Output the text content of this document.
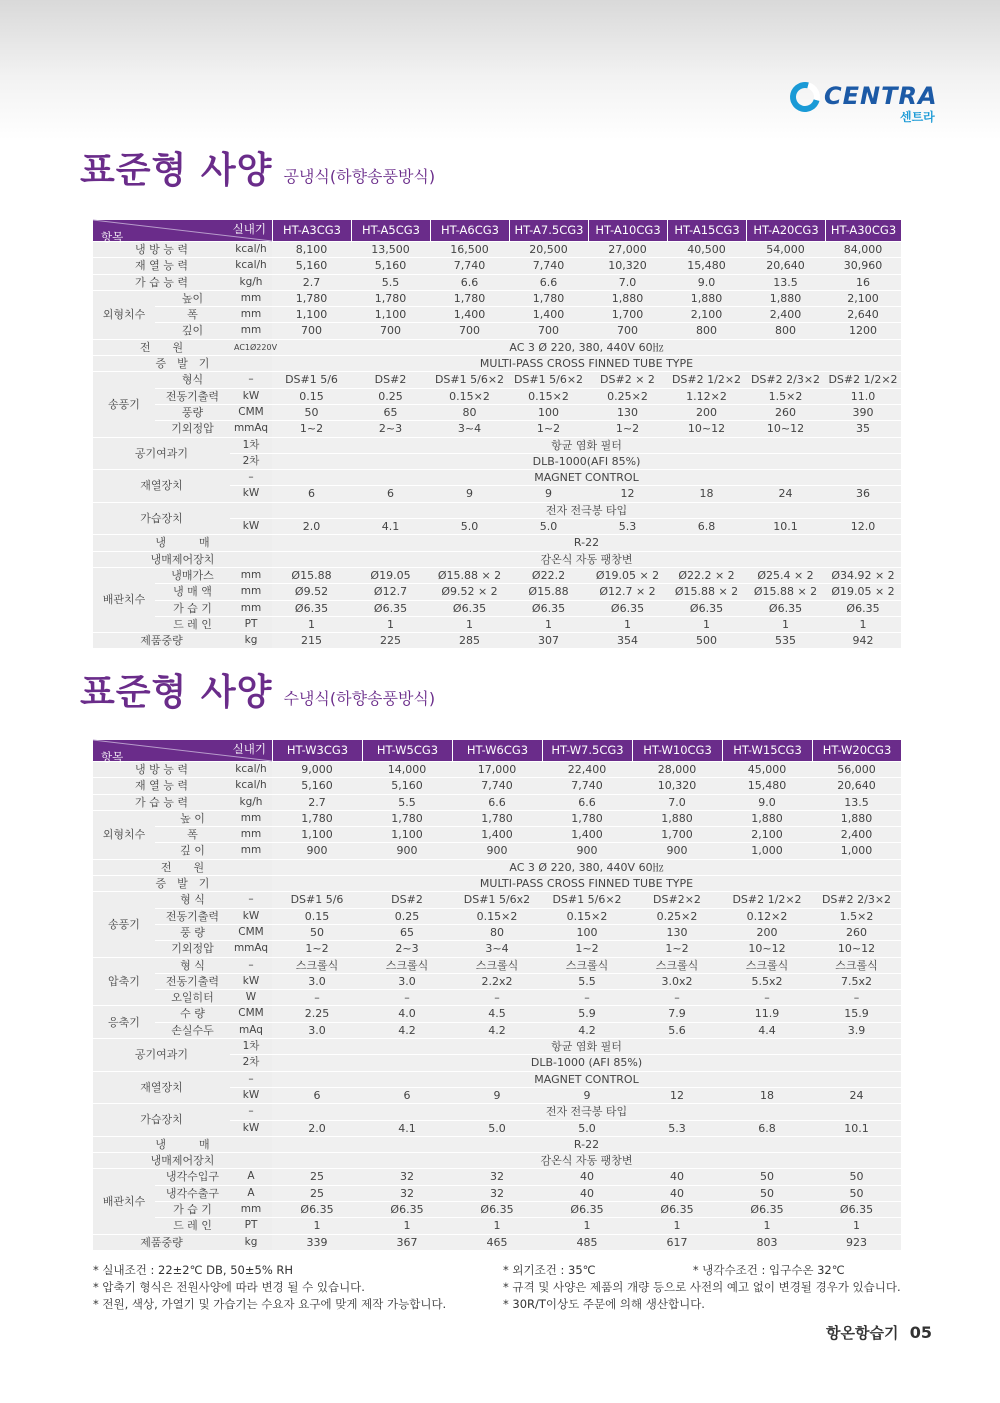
CENTRA
센트라
표준형 사양 공냉식(하향송풍방식)
항목
실내기			HT-A3CG3	HT-A5CG3	HT-A6CG3	HT-A7.5CG3	HT-A10CG3	HT-A15CG3	HT-A20CG3	HT-A30CG3
냉 방 능 력		kcal/h	8,100	13,500	16,500	20,500	27,000	40,500	54,000	84,000
재 열 능 력		kcal/h	5,160	5,160	7,740	7,740	10,320	15,480	20,640	30,960
가 습 능 력		kg/h	2.7	5.5	6.6	6.6	7.0	9.0	13.5	16
외형치수	높이	mm	1,780	1,780	1,780	1,780	1,880	1,880	1,880	2,100
	폭	mm	1,100	1,100	1,400	1,400	1,700	2,100	2,400	2,640
	깊이	mm	700	700	700	700	700	800	800	1200
전　　원		AC1Ø220V	AC 3 Ø 220, 380, 440V 60㎐							
증　발　기			MULTI-PASS CROSS FINNED TUBE TYPE							
송풍기	형식	–	DS#1 5/6	DS#2	DS#1 5/6×2	DS#1 5/6×2	DS#2 × 2	DS#2 1/2×2	DS#2 2/3×2	DS#2 1/2×2
	전동기출력	kW	0.15	0.25	0.15×2	0.15×2	0.25×2	1.12×2	1.5×2	11.0
	풍량	CMM	50	65	80	100	130	200	260	390
	기외정압	mmAq	1~2	2~3	3~4	1~2	1~2	10~12	10~12	35
공기여과기		1차	항균 염화 필터							
		2차	DLB-1000(AFI 85%)							
재열장치		–	MAGNET CONTROL							
		kW	6	6	9	9	12	18	24	36
가습장치			전자 전극봉 타입							
		kW	2.0	4.1	5.0	5.0	5.3	6.8	10.1	12.0
냉　　　매			R-22							
냉매제어장치			감온식 자동 팽창변							
배관치수	냉매가스	mm	Ø15.88	Ø19.05	Ø15.88 × 2	Ø22.2	Ø19.05 × 2	Ø22.2 × 2	Ø25.4 × 2	Ø34.92 × 2
	냉 매 액	mm	Ø9.52	Ø12.7	Ø9.52 × 2	Ø15.88	Ø12.7 × 2	Ø15.88 × 2	Ø15.88 × 2	Ø19.05 × 2
	가 습 기	mm	Ø6.35	Ø6.35	Ø6.35	Ø6.35	Ø6.35	Ø6.35	Ø6.35	Ø6.35
	드 레 인	PT	1	1	1	1	1	1	1	1
제품중량		kg	215	225	285	307	354	500	535	942
표준형 사양 수냉식(하향송풍방식)
항목
실내기			HT-W3CG3	HT-W5CG3	HT-W6CG3	HT-W7.5CG3	HT-W10CG3	HT-W15CG3	HT-W20CG3
냉 방 능 력		kcal/h	9,000	14,000	17,000	22,400	28,000	45,000	56,000
재 열 능 력		kcal/h	5,160	5,160	7,740	7,740	10,320	15,480	20,640
가 습 능 력		kg/h	2.7	5.5	6.6	6.6	7.0	9.0	13.5
외형치수	높 이	mm	1,780	1,780	1,780	1,780	1,880	1,880	1,880
	폭	mm	1,100	1,100	1,400	1,400	1,700	2,100	2,400
	깊 이	mm	900	900	900	900	900	1,000	1,000
전　　원			AC 3 Ø 220, 380, 440V 60㎐						
증　발　기			MULTI-PASS CROSS FINNED TUBE TYPE						
송풍기	형 식	–	DS#1 5/6	DS#2	DS#1 5/6x2	DS#1 5/6×2	DS#2×2	DS#2 1/2×2	DS#2 2/3×2
	전동기출력	kW	0.15	0.25	0.15×2	0.15×2	0.25×2	0.12×2	1.5×2
	풍 량	CMM	50	65	80	100	130	200	260
	기외정압	mmAq	1~2	2~3	3~4	1~2	1~2	10~12	10~12
압축기	형 식	–	스크롤식	스크롤식	스크롤식	스크롤식	스크롤식	스크롤식	스크롤식
	전동기출력	kW	3.0	3.0	2.2x2	5.5	3.0x2	5.5x2	7.5x2
	오일히터	W	–	–	–	–	–	–	–
응축기	수 량	CMM	2.25	4.0	4.5	5.9	7.9	11.9	15.9
	손실수두	mAq	3.0	4.2	4.2	4.2	5.6	4.4	3.9
공기여과기		1차	항균 염화 필터						
		2차	DLB-1000 (AFI 85%)						
재열장치		–	MAGNET CONTROL						
		kW	6	6	9	9	12	18	24
가습장치		–	전자 전극봉 타입						
		kW	2.0	4.1	5.0	5.0	5.3	6.8	10.1
냉　　　매			R-22						
냉매제어장치			감온식 자동 팽창변						
배관치수	냉각수입구	A	25	32	32	40	40	50	50
	냉각수출구	A	25	32	32	40	40	50	50
	가 습 기	mm	Ø6.35	Ø6.35	Ø6.35	Ø6.35	Ø6.35	Ø6.35	Ø6.35
	드 레 인	PT	1	1	1	1	1	1	1
제품중량		kg	339	367	465	485	617	803	923
* 실내조건 : 22±2℃ DB, 50±5% RH
* 압축기 형식은 전원사양에 따라 변경 될 수 있습니다.
* 전원, 색상, 가열기 및 가습기는 수요자 요구에 맞게 제작 가능합니다.
* 외기조건 : 35℃	* 냉각수조건 : 입구수온 32℃
* 규격 및 사양은 제품의 개량 등으로 사전의 예고 없이 변경될 경우가 있습니다.
* 30R/T이상도 주문에 의해 생산합니다.
항온항습기 05
